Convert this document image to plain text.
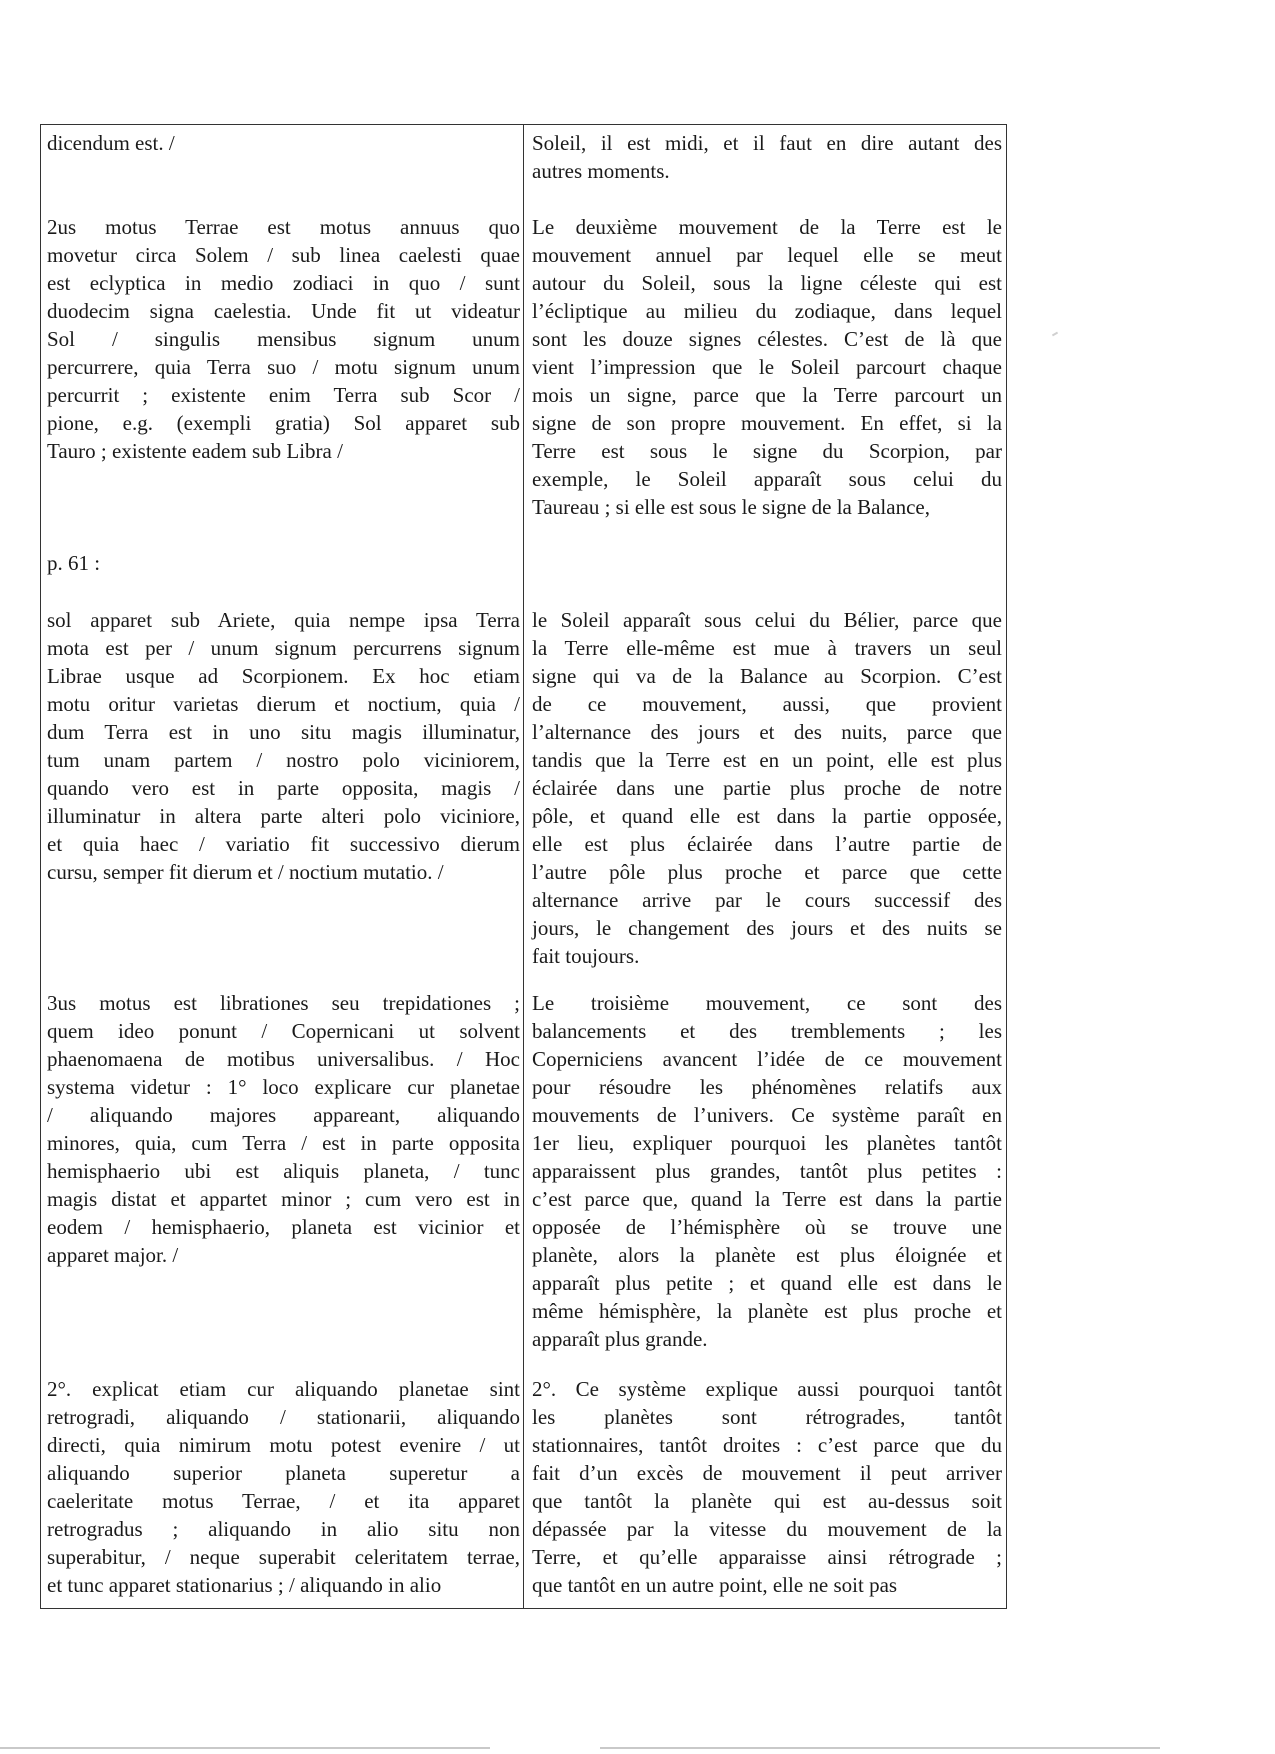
dicendum est. /	Soleil, il est midi, et il faut en dire autant des
autres moments.
2us motus Terrae est motus annuus quo
movetur circa Solem / sub linea caelesti quae
est eclyptica in medio zodiaci in quo / sunt
duodecim signa caelestia. Unde fit ut videatur
Sol / singulis mensibus signum unum
percurrere, quia Terra suo / motu signum unum
percurrit ; existente enim Terra sub Scor /
pione, e.g. (exempli gratia) Sol apparet sub
Tauro ; existente eadem sub Libra /
Le deuxième mouvement de la Terre est le
mouvement annuel par lequel elle se meut
autour du Soleil, sous la ligne céleste qui est
l’écliptique au milieu du zodiaque, dans lequel
sont les douze signes célestes. C’est de là que
vient l’impression que le Soleil parcourt chaque
mois un signe, parce que la Terre parcourt un
signe de son propre mouvement. En effet, si la
Terre est sous le signe du Scorpion, par
exemple, le Soleil apparaît sous celui du
Taureau ; si elle est sous le signe de la Balance,
p. 61 :
sol apparet sub Ariete, quia nempe ipsa Terra
mota est per / unum signum percurrens signum
Librae usque ad Scorpionem. Ex hoc etiam
motu oritur varietas dierum et noctium, quia /
dum Terra est in uno situ magis illuminatur,
tum unam partem / nostro polo viciniorem,
quando vero est in parte opposita, magis /
illuminatur in altera parte alteri polo viciniore,
et quia haec / variatio fit successivo dierum
cursu, semper fit dierum et / noctium mutatio. /
le Soleil apparaît sous celui du Bélier, parce que
la Terre elle-même est mue à travers un seul
signe qui va de la Balance au Scorpion. C’est
de ce mouvement, aussi, que provient
l’alternance des jours et des nuits, parce que
tandis que la Terre est en un point, elle est plus
éclairée dans une partie plus proche de notre
pôle, et quand elle est dans la partie opposée,
elle est plus éclairée dans l’autre partie de
l’autre pôle plus proche et parce que cette
alternance arrive par le cours successif des
jours, le changement des jours et des nuits se
fait toujours.
3us motus est librationes seu trepidationes ;
quem ideo ponunt / Copernicani ut solvent
phaenomaena de motibus universalibus. / Hoc
systema videtur : 1° loco explicare cur planetae
/ aliquando majores appareant, aliquando
minores, quia, cum Terra / est in parte opposita
hemisphaerio ubi est aliquis planeta, / tunc
magis distat et appartet minor ; cum vero est in
eodem / hemisphaerio, planeta est vicinior et
apparet major. /
Le troisième mouvement, ce sont des
balancements et des tremblements ; les
Coperniciens avancent l’idée de ce mouvement
pour résoudre les phénomènes relatifs aux
mouvements de l’univers. Ce système paraît en
1er lieu, expliquer pourquoi les planètes tantôt
apparaissent plus grandes, tantôt plus petites :
c’est parce que, quand la Terre est dans la partie
opposée de l’hémisphère où se trouve une
planète, alors la planète est plus éloignée et
apparaît plus petite ; et quand elle est dans le
même hémisphère, la planète est plus proche et
apparaît plus grande.
2°. explicat etiam cur aliquando planetae sint
retrogradi, aliquando / stationarii, aliquando
directi, quia nimirum motu potest evenire / ut
aliquando superior planeta superetur a
caeleritate motus Terrae, / et ita apparet
retrogradus ; aliquando in alio situ non
superabitur, / neque superabit celeritatem terrae,
et tunc apparet stationarius ; / aliquando in alio
2°. Ce système explique aussi pourquoi tantôt
les planètes sont rétrogrades, tantôt
stationnaires, tantôt droites : c’est parce que du
fait d’un excès de mouvement il peut arriver
que tantôt la planète qui est au-dessus soit
dépassée par la vitesse du mouvement de la
Terre, et qu’elle apparaisse ainsi rétrograde ;
que tantôt en un autre point, elle ne soit pas
